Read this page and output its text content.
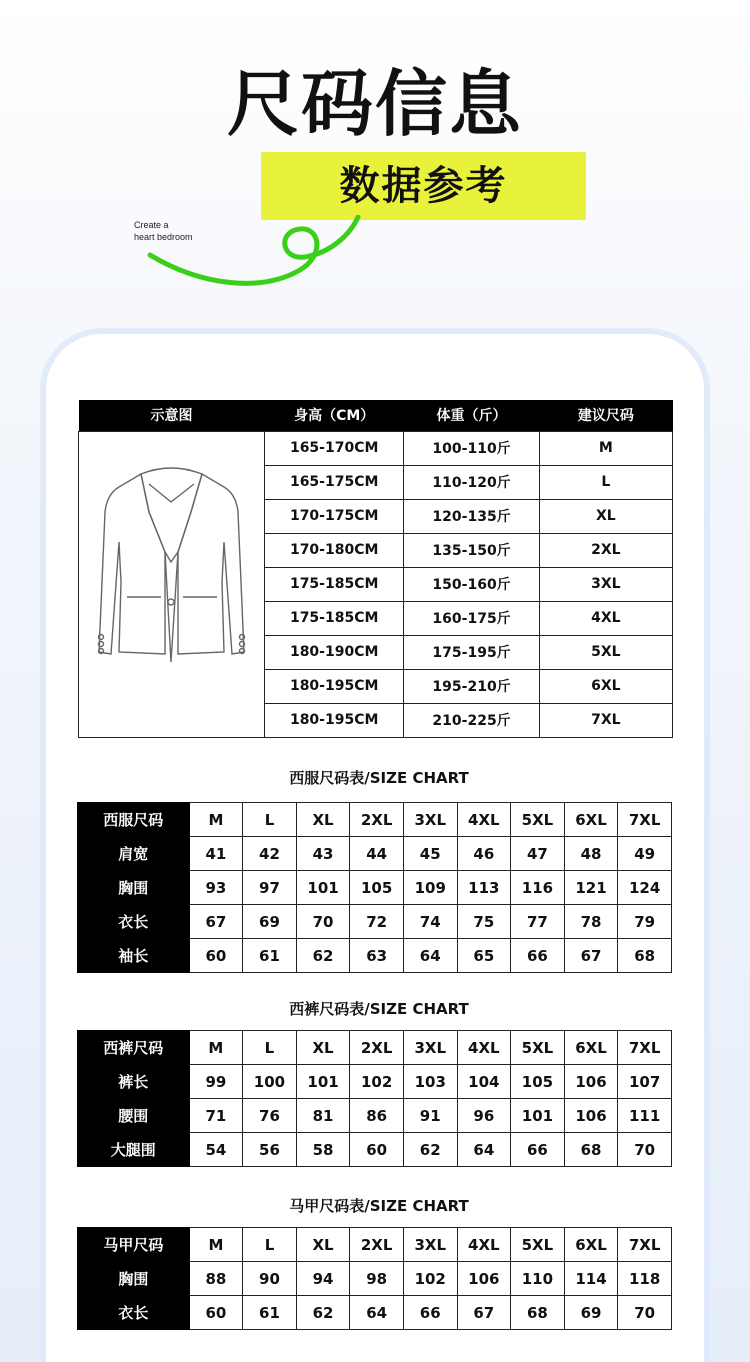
尺码信息
数据参考
Create a
heart bedroom
示意图	身高（CM）	体重（斤）	建议尺码
	165-170CM	100-110斤	M
	165-175CM	110-120斤	L
	170-175CM	120-135斤	XL
	170-180CM	135-150斤	2XL
	175-185CM	150-160斤	3XL
	175-185CM	160-175斤	4XL
	180-190CM	175-195斤	5XL
	180-195CM	195-210斤	6XL
	180-195CM	210-225斤	7XL
西服尺码表/SIZE CHART
西服尺码	M	L	XL	2XL	3XL	4XL	5XL	6XL	7XL
肩宽	41	42	43	44	45	46	47	48	49
胸围	93	97	101	105	109	113	116	121	124
衣长	67	69	70	72	74	75	77	78	79
袖长	60	61	62	63	64	65	66	67	68
西裤尺码表/SIZE CHART
西裤尺码	M	L	XL	2XL	3XL	4XL	5XL	6XL	7XL
裤长	99	100	101	102	103	104	105	106	107
腰围	71	76	81	86	91	96	101	106	111
大腿围	54	56	58	60	62	64	66	68	70
马甲尺码表/SIZE CHART
马甲尺码	M	L	XL	2XL	3XL	4XL	5XL	6XL	7XL
胸围	88	90	94	98	102	106	110	114	118
衣长	60	61	62	64	66	67	68	69	70
